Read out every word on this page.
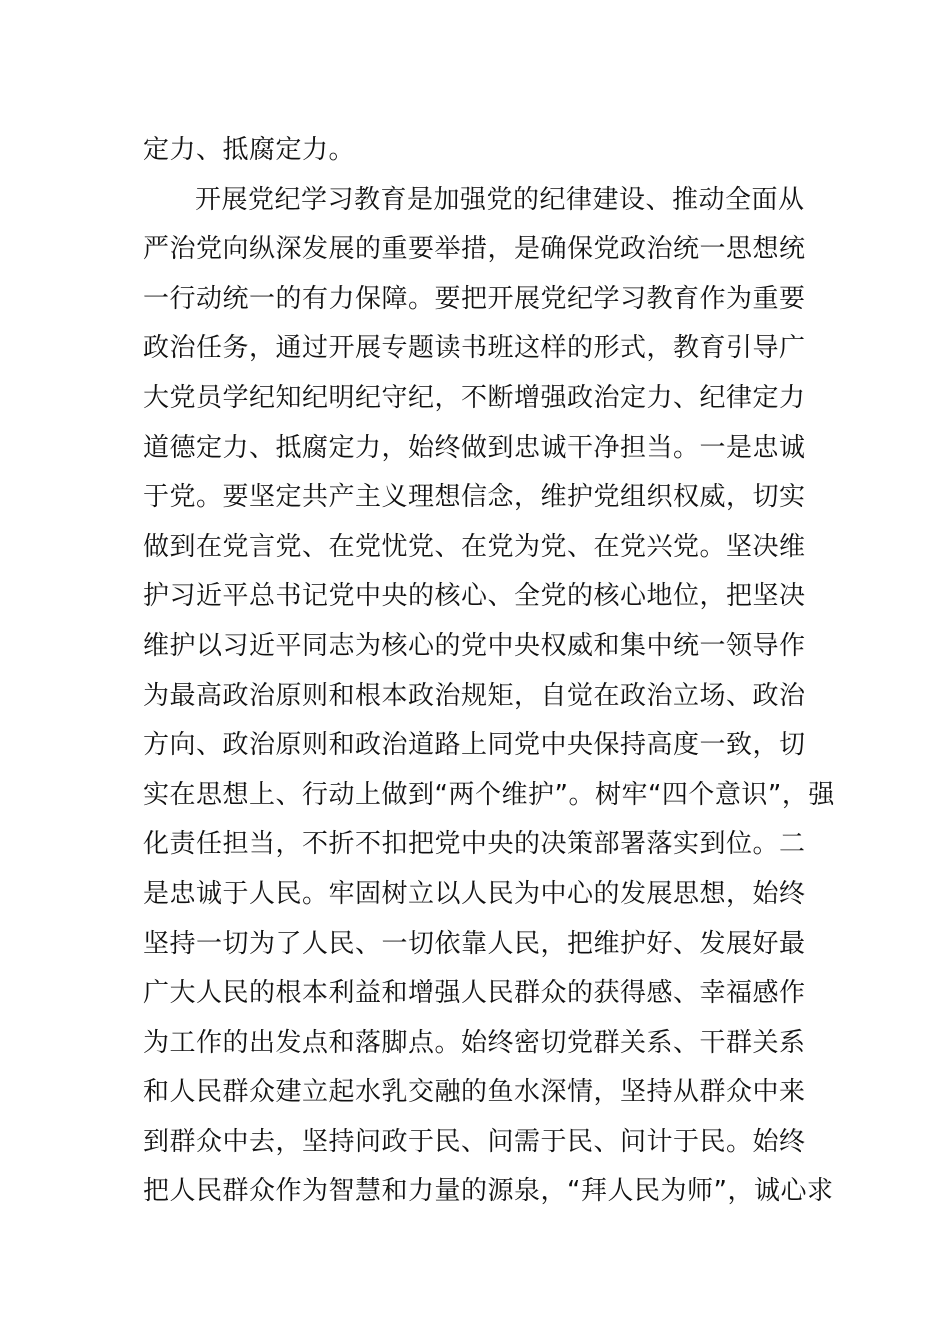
定力、抵腐定力。
开展党纪学习教育是加强党的纪律建设、推动全面从
严治党向纵深发展的重要举措，是确保党政治统一思想统
一行动统一的有力保障。要把开展党纪学习教育作为重要
政治任务，通过开展专题读书班这样的形式，教育引导广
大党员学纪知纪明纪守纪，不断增强政治定力、纪律定力
道德定力、抵腐定力，始终做到忠诚干净担当。一是忠诚
于党。要坚定共产主义理想信念，维护党组织权威，切实
做到在党言党、在党忧党、在党为党、在党兴党。坚决维
护习近平总书记党中央的核心、全党的核心地位，把坚决
维护以习近平同志为核心的党中央权威和集中统一领导作
为最高政治原则和根本政治规矩，自觉在政治立场、政治
方向、政治原则和政治道路上同党中央保持高度一致，切
实在思想上、行动上做到“两个维护”。树牢“四个意识”，强
化责任担当，不折不扣把党中央的决策部署落实到位。二
是忠诚于人民。牢固树立以人民为中心的发展思想，始终
坚持一切为了人民、一切依靠人民，把维护好、发展好最
广大人民的根本利益和增强人民群众的获得感、幸福感作
为工作的出发点和落脚点。始终密切党群关系、干群关系
和人民群众建立起水乳交融的鱼水深情，坚持从群众中来
到群众中去，坚持问政于民、问需于民、问计于民。始终
把人民群众作为智慧和力量的源泉，“拜人民为师”，诚心求
